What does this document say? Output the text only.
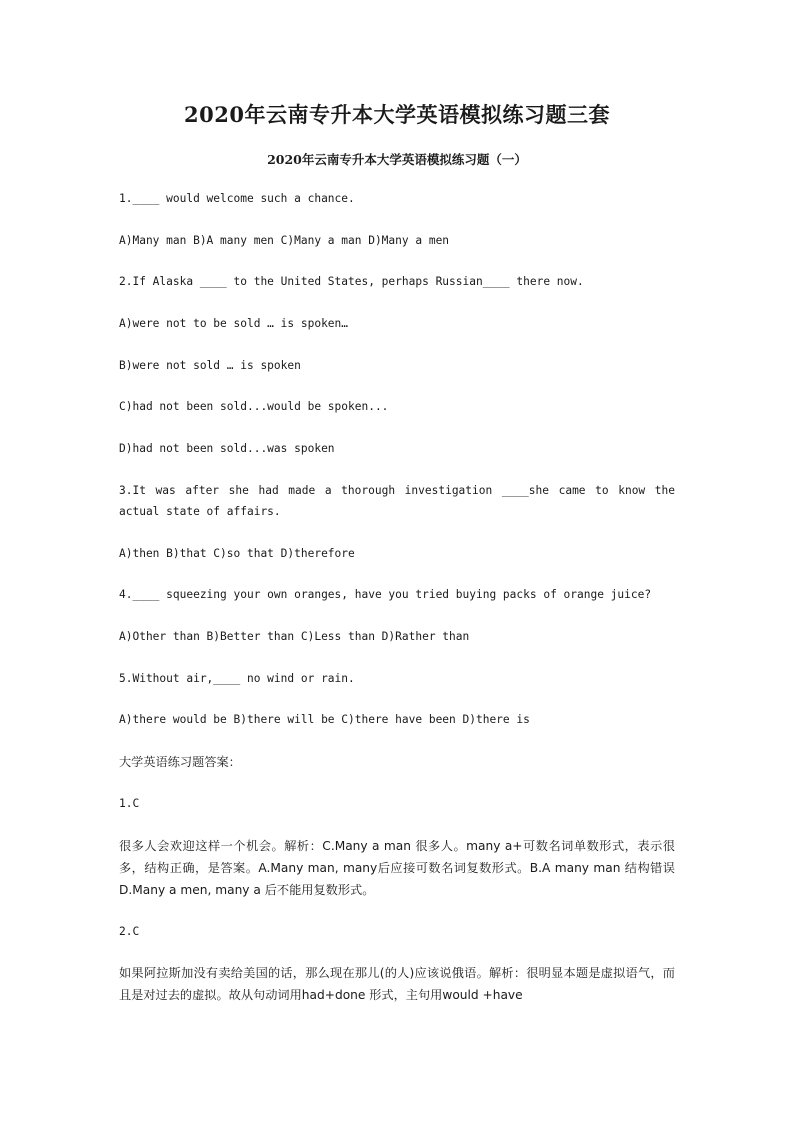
2020年云南专升本大学英语模拟练习题三套
2020年云南专升本大学英语模拟练习题（一）
1.____ would welcome such a chance.
A)Many man B)A many men C)Many a man D)Many a men
2.If Alaska ____ to the United States, perhaps Russian____ there now.
A)were not to be sold … is spoken…
B)were not sold … is spoken
C)had not been sold...would be spoken...
D)had not been sold...was spoken
3.It was after she had made a thorough investigation ____she came to know the actual state of affairs.
A)then B)that C)so that D)therefore
4.____ squeezing your own oranges, have you tried buying packs of orange juice?
A)Other than B)Better than C)Less than D)Rather than
5.Without air,____ no wind or rain.
A)there would be B)there will be C)there have been D)there is
大学英语练习题答案：
1.C
很多人会欢迎这样一个机会。解析：C.Many a man 很多人。many a+可数名词单数形式，表示很多，结构正确，是答案。A.Many man, many后应接可数名词复数形式。B.A many man 结构错误 D.Many a men, many a 后不能用复数形式。
2.C
如果阿拉斯加没有卖给美国的话，那么现在那儿(的人)应该说俄语。解析：很明显本题是虚拟语气，而且是对过去的虚拟。故从句动词用had+done 形式，主句用would +have
